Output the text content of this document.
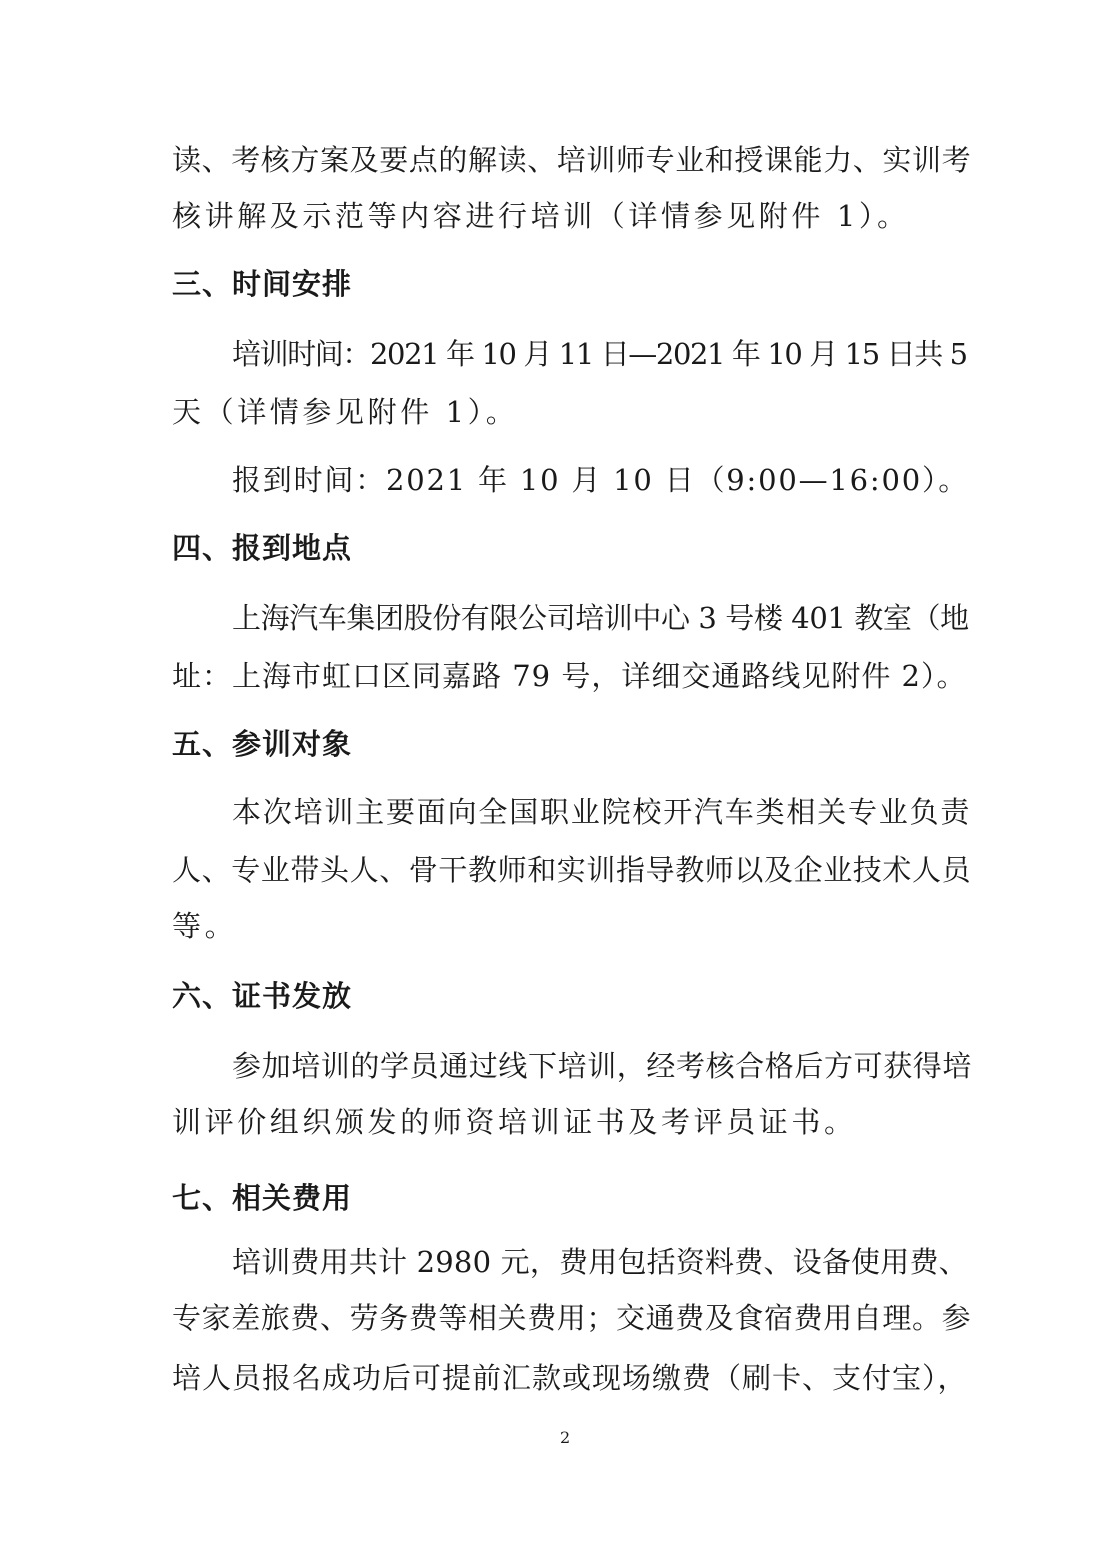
读、考核方案及要点的解读、培训师专业和授课能力、实训考
核讲解及示范等内容进行培训（详情参见附件 1）。
三、时间安排
培训时间：2021 年 10 月 11 日—2021 年 10 月 15 日共 5
天（详情参见附件 1）。
报到时间：2021 年 10 月 10 日（9:00—16:00）。
四、报到地点
上海汽车集团股份有限公司培训中心 3 号楼 401 教室（地
址：上海市虹口区同嘉路 79 号，详细交通路线见附件 2）。
五、参训对象
本次培训主要面向全国职业院校开汽车类相关专业负责
人、专业带头人、骨干教师和实训指导教师以及企业技术人员
等。
六、证书发放
参加培训的学员通过线下培训，经考核合格后方可获得培
训评价组织颁发的师资培训证书及考评员证书。
七、相关费用
培训费用共计 2980 元，费用包括资料费、设备使用费、
专家差旅费、劳务费等相关费用；交通费及食宿费用自理。参
培人员报名成功后可提前汇款或现场缴费（刷卡、支付宝），
2
